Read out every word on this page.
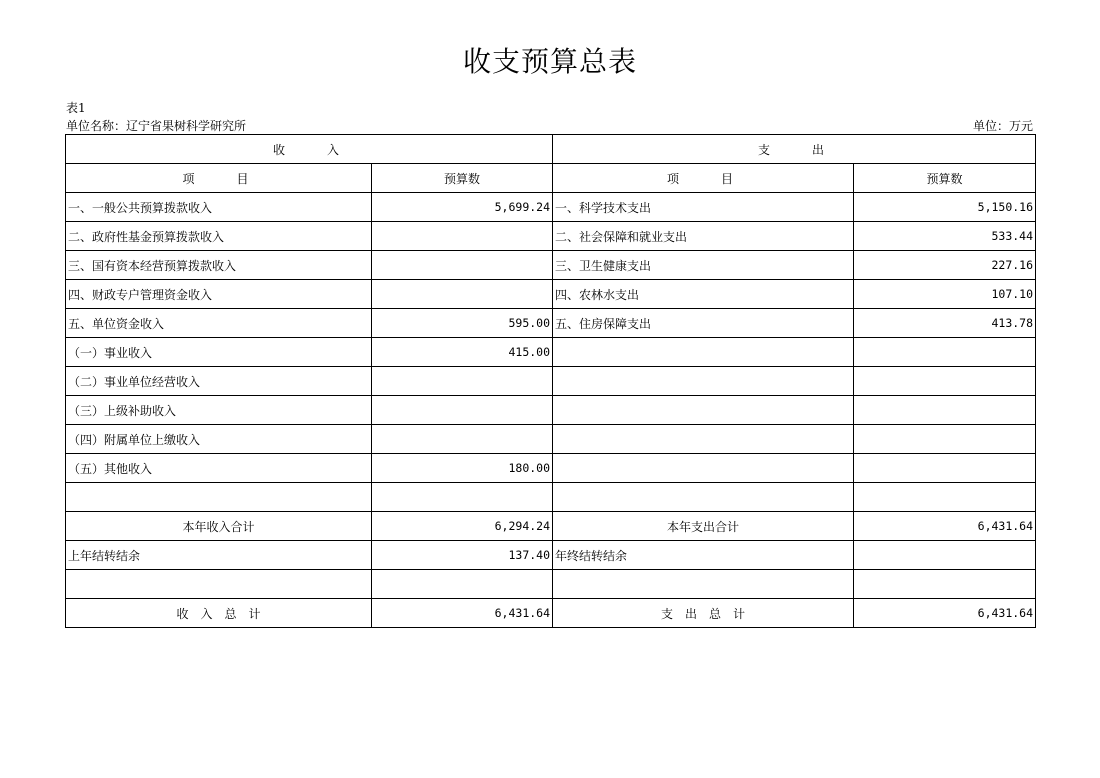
收支预算总表
表1
单位名称：辽宁省果树科学研究所	单位：万元
收　　入		支　　出	
项　　目	预算数	项　　目	预算数
一、一般公共预算拨款收入	5,699.24	一、科学技术支出	5,150.16
二、政府性基金预算拨款收入		二、社会保障和就业支出	533.44
三、国有资本经营预算拨款收入		三、卫生健康支出	227.16
四、财政专户管理资金收入		四、农林水支出	107.10
五、单位资金收入	595.00	五、住房保障支出	413.78
（一）事业收入	415.00		
（二）事业单位经营收入			
（三）上级补助收入			
（四）附属单位上缴收入			
（五）其他收入	180.00		

本年收入合计	6,294.24	本年支出合计	6,431.64
上年结转结余	137.40	年终结转结余	

收　入　总　计	6,431.64	支　出　总　计	6,431.64
